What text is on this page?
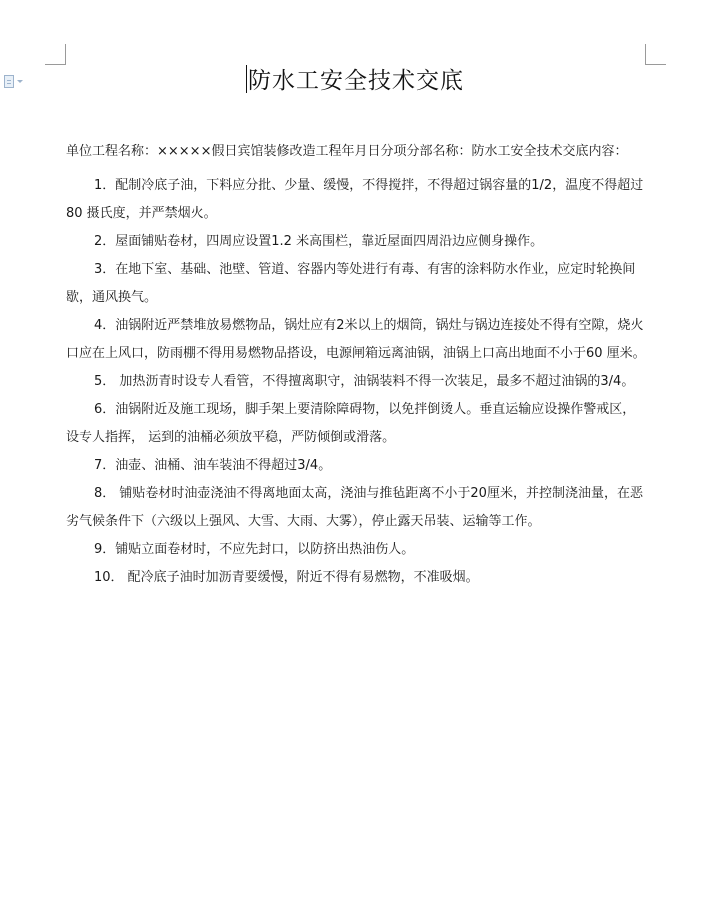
防水工安全技术交底

单位工程名称：×××××假日宾馆装修改造工程年月日分项分部名称：防水工安全技术交底内容：

1．配制冷底子油，下料应分批、少量、缓慢，不得搅拌，不得超过锅容量的1/2，温度不得超过80 摄氏度，并严禁烟火。

2．屋面铺贴卷材，四周应设置1.2 米高围栏，靠近屋面四周沿边应侧身操作。

3．在地下室、基础、池壁、管道、容器内等处进行有毒、有害的涂料防水作业，应定时轮换间歇，通风换气。

4．油锅附近严禁堆放易燃物品，锅灶应有2米以上的烟筒，锅灶与锅边连接处不得有空隙，烧火口应在上风口，防雨棚不得用易燃物品搭设，电源闸箱远离油锅，油锅上口高出地面不小于60 厘米。

5． 加热沥青时设专人看管，不得擅离职守，油锅装料不得一次装足，最多不超过油锅的3/4。

6．油锅附近及施工现场，脚手架上要清除障碍物，以免拌倒烫人。垂直运输应设操作警戒区，设专人指挥， 运到的油桶必须放平稳，严防倾倒或滑落。

7．油壶、油桶、油车装油不得超过3/4。

8． 铺贴卷材时油壶浇油不得离地面太高，浇油与推毡距离不小于20厘米，并控制浇油量，在恶劣气候条件下（六级以上强风、大雪、大雨、大雾），停止露天吊装、运输等工作。

9．铺贴立面卷材时，不应先封口，以防挤出热油伤人。

10． 配冷底子油时加沥青要缓慢，附近不得有易燃物，不准吸烟。
